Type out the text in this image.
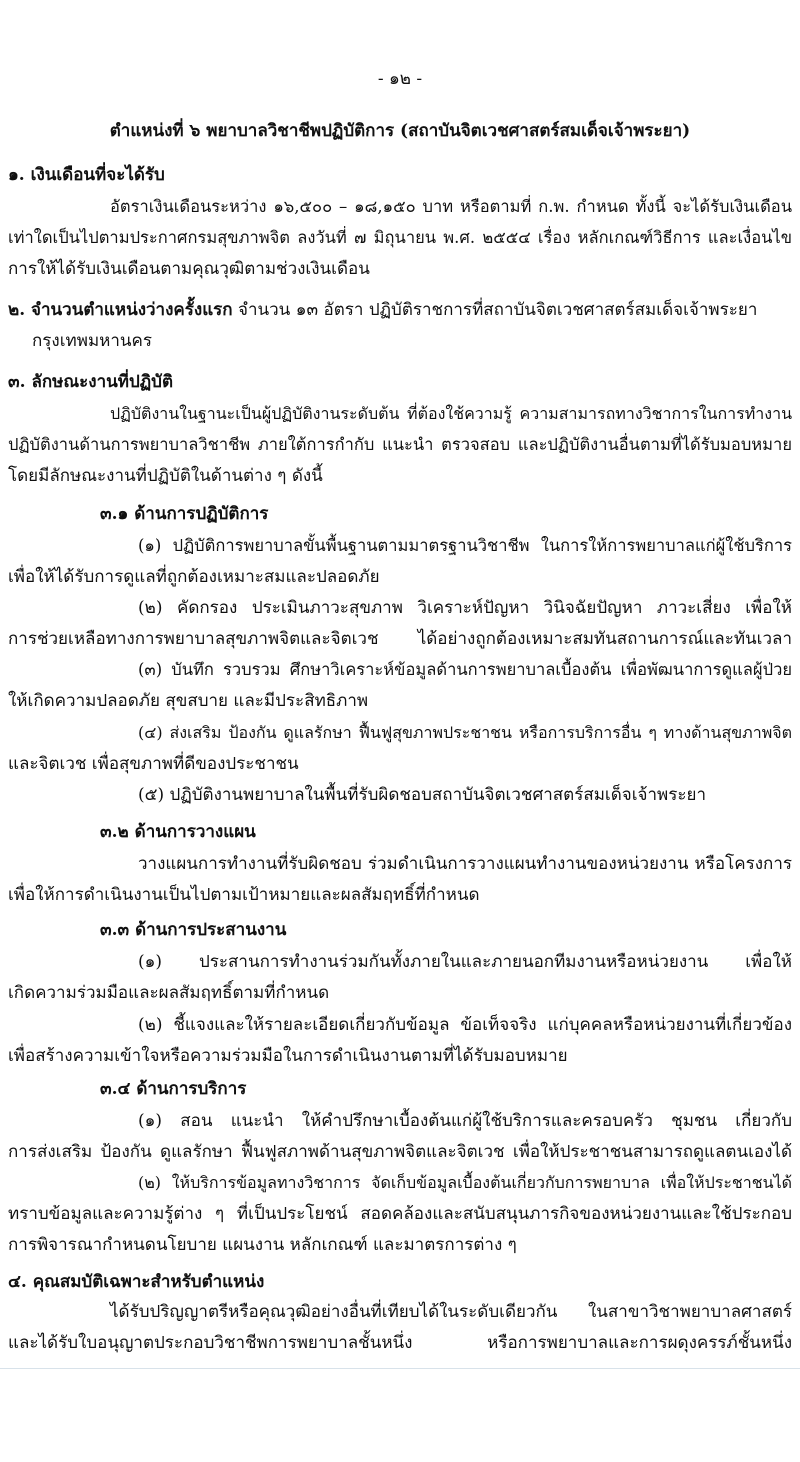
- ๑๒ -
ตำแหน่งที่ ๖ พยาบาลวิชาชีพปฏิบัติการ (สถาบันจิตเวชศาสตร์สมเด็จเจ้าพระยา)
๑. เงินเดือนที่จะได้รับ
อัตราเงินเดือนระหว่าง ๑๖,๕๐๐ – ๑๘,๑๕๐ บาท หรือตามที่ ก.พ. กำหนด ทั้งนี้ จะได้รับเงินเดือน
เท่าใดเป็นไปตามประกาศกรมสุขภาพจิต ลงวันที่ ๗ มิถุนายน พ.ศ. ๒๕๕๔ เรื่อง หลักเกณฑ์วิธีการ และเงื่อนไข
การให้ได้รับเงินเดือนตามคุณวุฒิตามช่วงเงินเดือน
๒. จำนวนตำแหน่งว่างครั้งแรก จำนวน ๑๓ อัตรา ปฏิบัติราชการที่สถาบันจิตเวชศาสตร์สมเด็จเจ้าพระยา
กรุงเทพมหานคร
๓. ลักษณะงานที่ปฏิบัติ
ปฏิบัติงานในฐานะเป็นผู้ปฏิบัติงานระดับต้น ที่ต้องใช้ความรู้ ความสามารถทางวิชาการในการทำงาน
ปฏิบัติงานด้านการพยาบาลวิชาชีพ ภายใต้การกำกับ แนะนำ ตรวจสอบ และปฏิบัติงานอื่นตามที่ได้รับมอบหมาย
โดยมีลักษณะงานที่ปฏิบัติในด้านต่าง ๆ ดังนี้
๓.๑ ด้านการปฏิบัติการ
(๑) ปฏิบัติการพยาบาลขั้นพื้นฐานตามมาตรฐานวิชาชีพ ในการให้การพยาบาลแก่ผู้ใช้บริการ
เพื่อให้ได้รับการดูแลที่ถูกต้องเหมาะสมและปลอดภัย
(๒) คัดกรอง ประเมินภาวะสุขภาพ วิเคราะห์ปัญหา วินิจฉัยปัญหา ภาวะเสี่ยง เพื่อให้
การช่วยเหลือทางการพยาบาลสุขภาพจิตและจิตเวช ได้อย่างถูกต้องเหมาะสมทันสถานการณ์และทันเวลา
(๓) บันทึก รวบรวม ศึกษาวิเคราะห์ข้อมูลด้านการพยาบาลเบื้องต้น เพื่อพัฒนาการดูแลผู้ป่วย
ให้เกิดความปลอดภัย สุขสบาย และมีประสิทธิภาพ
(๔) ส่งเสริม ป้องกัน ดูแลรักษา ฟื้นฟูสุขภาพประชาชน หรือการบริการอื่น ๆ ทางด้านสุขภาพจิต
และจิตเวช เพื่อสุขภาพที่ดีของประชาชน
(๕) ปฏิบัติงานพยาบาลในพื้นที่รับผิดชอบสถาบันจิตเวชศาสตร์สมเด็จเจ้าพระยา
๓.๒ ด้านการวางแผน
วางแผนการทำงานที่รับผิดชอบ ร่วมดำเนินการวางแผนทำงานของหน่วยงาน หรือโครงการ
เพื่อให้การดำเนินงานเป็นไปตามเป้าหมายและผลสัมฤทธิ์ที่กำหนด
๓.๓ ด้านการประสานงาน
(๑) ประสานการทำงานร่วมกันทั้งภายในและภายนอกทีมงานหรือหน่วยงาน เพื่อให้
เกิดความร่วมมือและผลสัมฤทธิ์ตามที่กำหนด
(๒) ชี้แจงและให้รายละเอียดเกี่ยวกับข้อมูล ข้อเท็จจริง แก่บุคคลหรือหน่วยงานที่เกี่ยวข้อง
เพื่อสร้างความเข้าใจหรือความร่วมมือในการดำเนินงานตามที่ได้รับมอบหมาย
๓.๔ ด้านการบริการ
(๑) สอน แนะนำ ให้คำปรึกษาเบื้องต้นแก่ผู้ใช้บริการและครอบครัว ชุมชน เกี่ยวกับ
การส่งเสริม ป้องกัน ดูแลรักษา ฟื้นฟูสภาพด้านสุขภาพจิตและจิตเวช เพื่อให้ประชาชนสามารถดูแลตนเองได้
(๒) ให้บริการข้อมูลทางวิชาการ จัดเก็บข้อมูลเบื้องต้นเกี่ยวกับการพยาบาล เพื่อให้ประชาชนได้
ทราบข้อมูลและความรู้ต่าง ๆ ที่เป็นประโยชน์ สอดคล้องและสนับสนุนภารกิจของหน่วยงานและใช้ประกอบ
การพิจารณากำหนดนโยบาย แผนงาน หลักเกณฑ์ และมาตรการต่าง ๆ
๔. คุณสมบัติเฉพาะสำหรับตำแหน่ง
ได้รับปริญญาตรีหรือคุณวุฒิอย่างอื่นที่เทียบได้ในระดับเดียวกัน ในสาขาวิชาพยาบาลศาสตร์
และได้รับใบอนุญาตประกอบวิชาชีพการพยาบาลชั้นหนึ่ง หรือการพยาบาลและการผดุงครรภ์ชั้นหนึ่ง
